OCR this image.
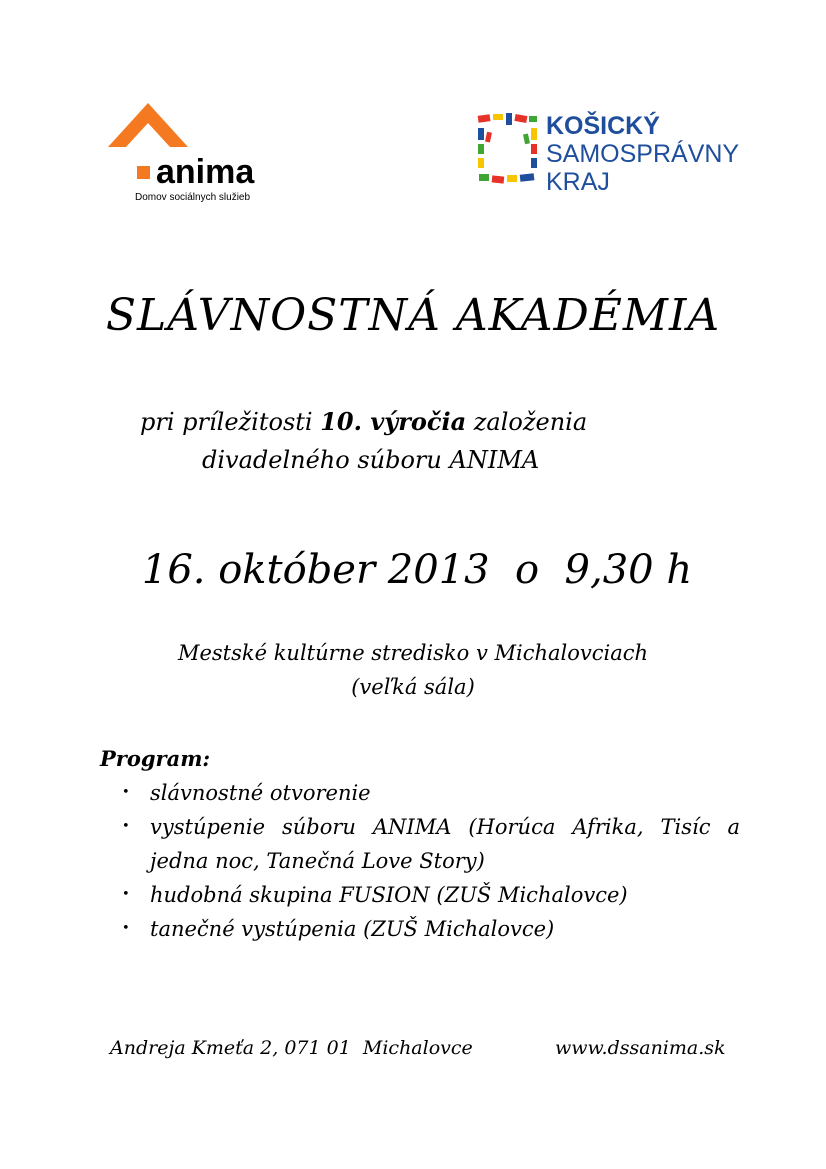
anima
Domov sociálnych služieb
KOŠICKÝ
SAMOSPRÁVNY
KRAJ
SLÁVNOSTNÁ AKADÉMIA
pri príležitosti 10. výročia založenia
divadelného súboru ANIMA
16. október 2013  o  9,30 h
Mestské kultúrne stredisko v Michalovciach
(veľká sála)
Program:
• slávnostné otvorenie
• vystúpenie súboru ANIMA (Horúca Afrika, Tisíc a jedna noc, Tanečná Love Story)
• hudobná skupina FUSION (ZUŠ Michalovce)
• tanečné vystúpenia (ZUŠ Michalovce)
Andreja Kmeťa 2, 071 01  Michalovce	www.dssanima.sk
